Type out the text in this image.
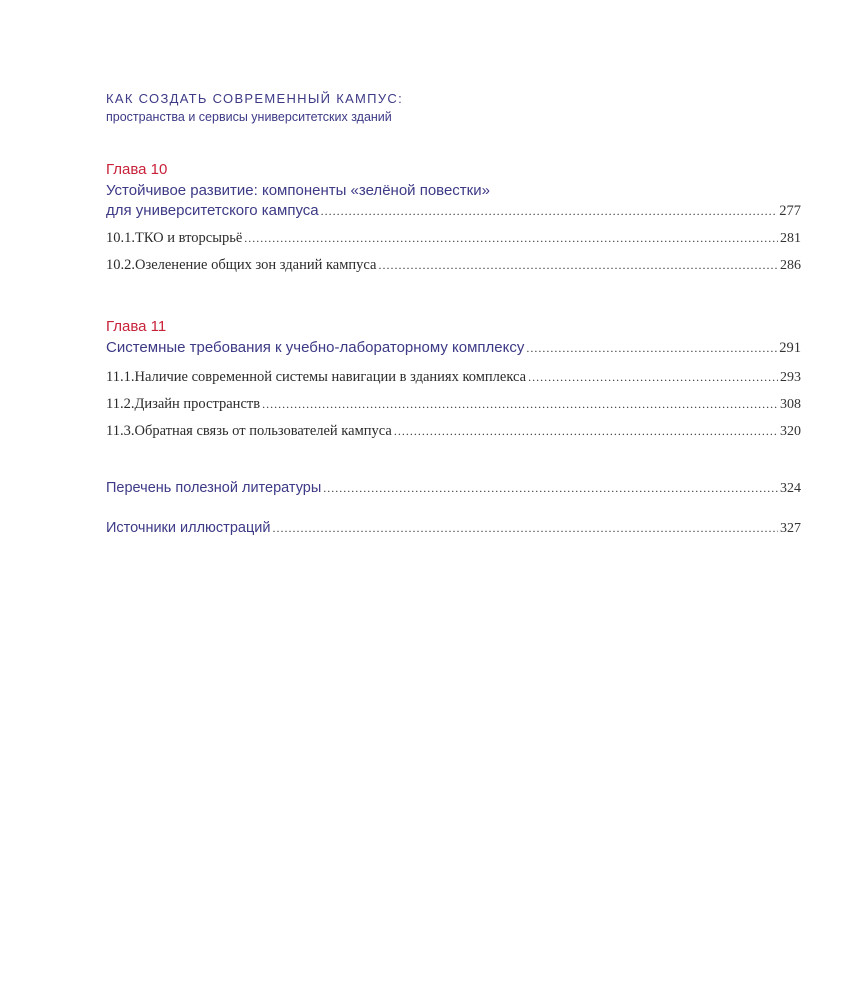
КАК СОЗДАТЬ СОВРЕМЕННЫЙ КАМПУС:
пространства и сервисы университетских зданий
Глава 10
Устойчивое развитие: компоненты «зелёной повестки»
для университетского кампуса .....	277
10.1. ТКО и вторсырьё .....	281
10.2. Озеленение общих зон зданий кампуса .....	286
Глава 11
Системные требования к учебно-лабораторному комплексу .....	291
11.1. Наличие современной системы навигации в зданиях комплекса .....	293
11.2. Дизайн пространств .....	308
11.3. Обратная связь от пользователей кампуса .....	320
Перечень полезной литературы .....	324
Источники иллюстраций .....	327
